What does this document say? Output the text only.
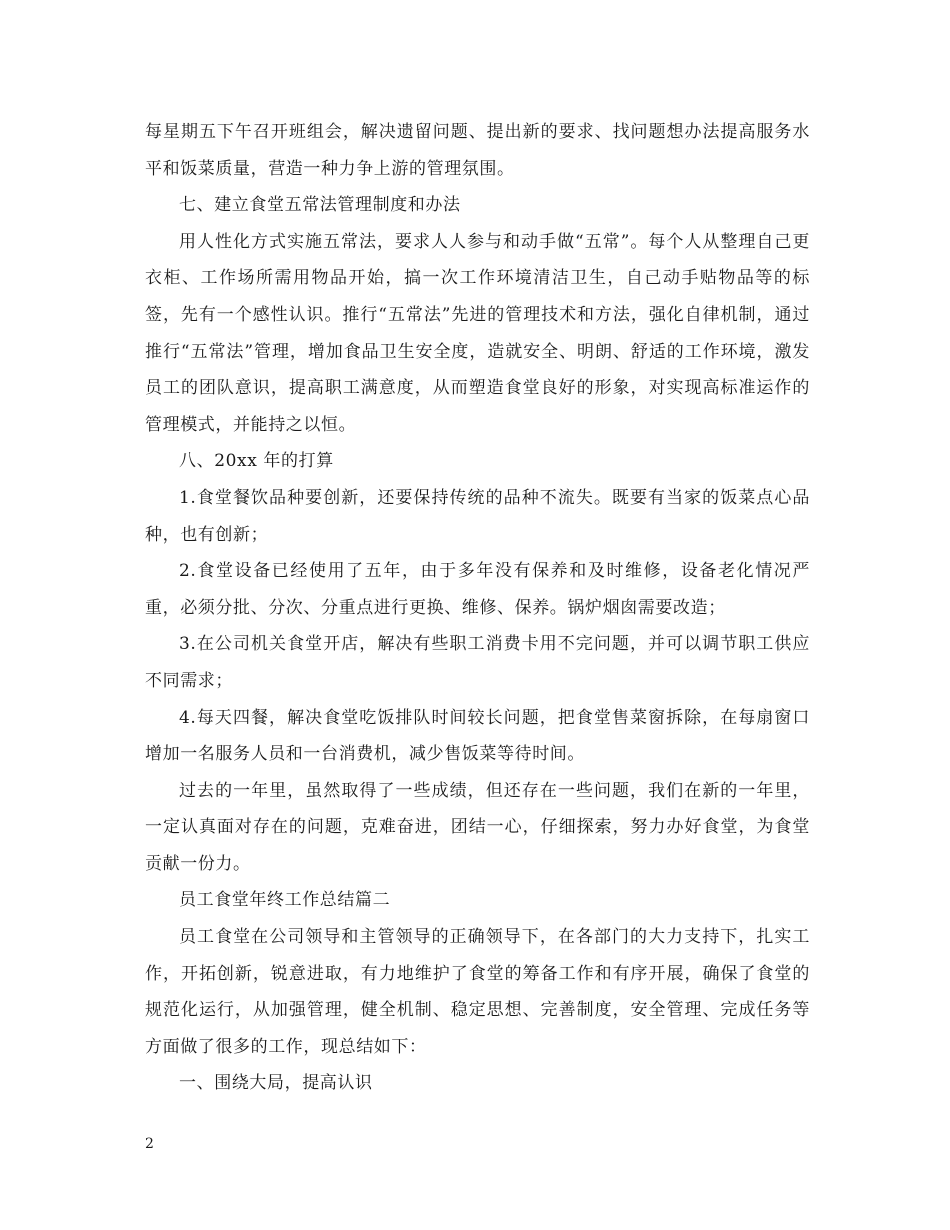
每星期五下午召开班组会，解决遗留问题、提出新的要求、找问题想办法提高服务水平和饭菜质量，营造一种力争上游的管理氛围。

七、建立食堂五常法管理制度和办法

用人性化方式实施五常法，要求人人参与和动手做“五常”。每个人从整理自己更衣柜、工作场所需用物品开始，搞一次工作环境清洁卫生，自己动手贴物品等的标签，先有一个感性认识。推行“五常法”先进的管理技术和方法，强化自律机制，通过推行“五常法”管理，增加食品卫生安全度，造就安全、明朗、舒适的工作环境，激发员工的团队意识，提高职工满意度，从而塑造食堂良好的形象，对实现高标准运作的管理模式，并能持之以恒。

八、20xx 年的打算

1.食堂餐饮品种要创新，还要保持传统的品种不流失。既要有当家的饭菜点心品种，也有创新；

2.食堂设备已经使用了五年，由于多年没有保养和及时维修，设备老化情况严重，必须分批、分次、分重点进行更换、维修、保养。锅炉烟囱需要改造；

3.在公司机关食堂开店，解决有些职工消费卡用不完问题，并可以调节职工供应不同需求；

4.每天四餐，解决食堂吃饭排队时间较长问题，把食堂售菜窗拆除，在每扇窗口增加一名服务人员和一台消费机，减少售饭菜等待时间。

过去的一年里，虽然取得了一些成绩，但还存在一些问题，我们在新的一年里，一定认真面对存在的问题，克难奋进，团结一心，仔细探索，努力办好食堂，为食堂贡献一份力。

员工食堂年终工作总结篇二

员工食堂在公司领导和主管领导的正确领导下，在各部门的大力支持下，扎实工作，开拓创新，锐意进取，有力地维护了食堂的筹备工作和有序开展，确保了食堂的规范化运行，从加强管理，健全机制、稳定思想、完善制度，安全管理、完成任务等方面做了很多的工作，现总结如下：

一、围绕大局，提高认识

2
